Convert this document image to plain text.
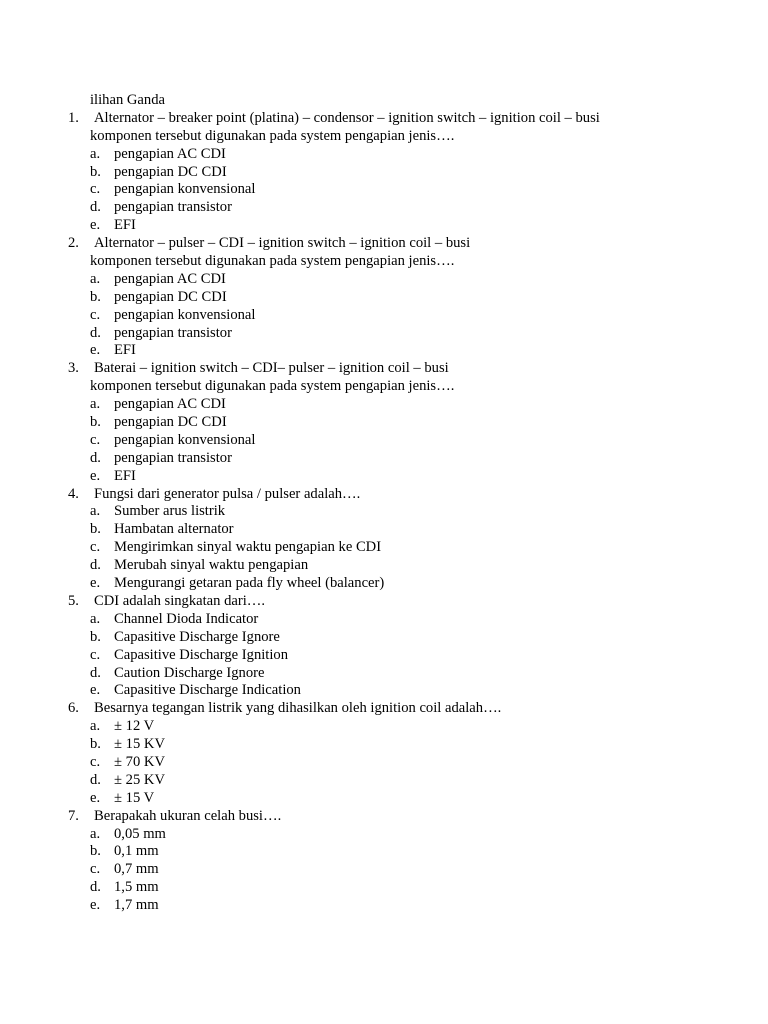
ilihan Ganda
1. Alternator – breaker point (platina) – condensor – ignition switch – ignition coil – busi
komponen tersebut digunakan pada system pengapian jenis….
a. pengapian AC CDI
b. pengapian DC CDI
c. pengapian konvensional
d. pengapian transistor
e. EFI
2. Alternator – pulser – CDI – ignition switch – ignition coil – busi
komponen tersebut digunakan pada system pengapian jenis….
a. pengapian AC CDI
b. pengapian DC CDI
c. pengapian konvensional
d. pengapian transistor
e. EFI
3. Baterai – ignition switch – CDI– pulser – ignition coil – busi
komponen tersebut digunakan pada system pengapian jenis….
a. pengapian AC CDI
b. pengapian DC CDI
c. pengapian konvensional
d. pengapian transistor
e. EFI
4. Fungsi dari generator pulsa / pulser adalah….
a. Sumber arus listrik
b. Hambatan alternator
c. Mengirimkan sinyal waktu pengapian ke CDI
d. Merubah sinyal waktu pengapian
e. Mengurangi getaran pada fly wheel (balancer)
5. CDI adalah singkatan dari….
a. Channel Dioda Indicator
b. Capasitive Discharge Ignore
c. Capasitive Discharge Ignition
d. Caution Discharge Ignore
e. Capasitive Discharge Indication
6. Besarnya tegangan listrik yang dihasilkan oleh ignition coil adalah….
a. ± 12 V
b. ± 15 KV
c. ± 70 KV
d. ± 25 KV
e. ± 15 V
7. Berapakah ukuran celah busi….
a. 0,05 mm
b. 0,1 mm
c. 0,7 mm
d. 1,5 mm
e. 1,7 mm
